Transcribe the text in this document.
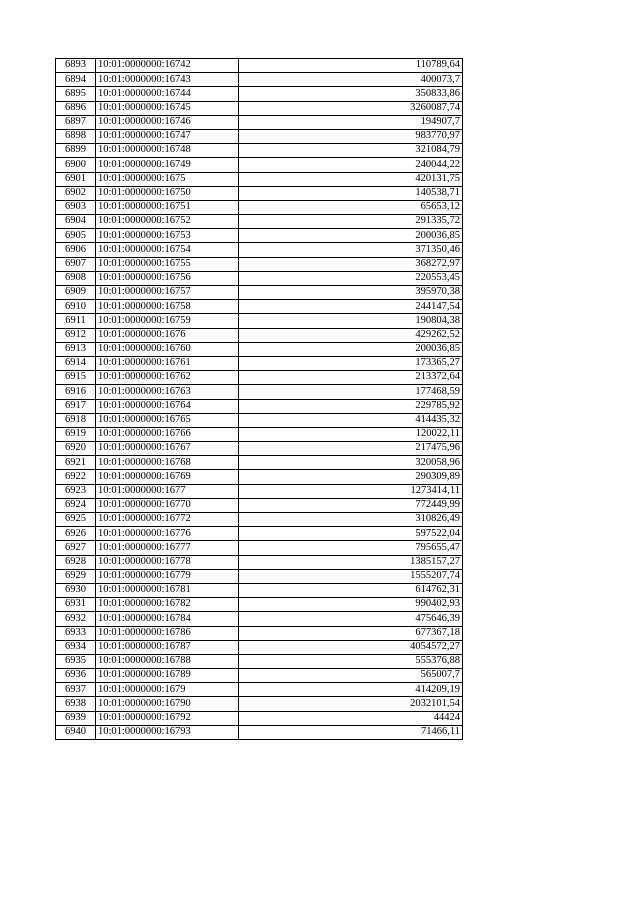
6893	10:01:0000000:16742	110789,64
6894	10:01:0000000:16743	400073,7
6895	10:01:0000000:16744	350833,86
6896	10:01:0000000:16745	3260087,74
6897	10:01:0000000:16746	194907,7
6898	10:01:0000000:16747	983770,97
6899	10:01:0000000:16748	321084,79
6900	10:01:0000000:16749	240044,22
6901	10:01:0000000:1675	420131,75
6902	10:01:0000000:16750	140538,71
6903	10:01:0000000:16751	65653,12
6904	10:01:0000000:16752	291335,72
6905	10:01:0000000:16753	200036,85
6906	10:01:0000000:16754	371350,46
6907	10:01:0000000:16755	368272,97
6908	10:01:0000000:16756	220553,45
6909	10:01:0000000:16757	395970,38
6910	10:01:0000000:16758	244147,54
6911	10:01:0000000:16759	190804,38
6912	10:01:0000000:1676	429262,52
6913	10:01:0000000:16760	200036,85
6914	10:01:0000000:16761	173365,27
6915	10:01:0000000:16762	213372,64
6916	10:01:0000000:16763	177468,59
6917	10:01:0000000:16764	229785,92
6918	10:01:0000000:16765	414435,32
6919	10:01:0000000:16766	120022,11
6920	10:01:0000000:16767	217475,96
6921	10:01:0000000:16768	320058,96
6922	10:01:0000000:16769	290309,89
6923	10:01:0000000:1677	1273414,11
6924	10:01:0000000:16770	772449,99
6925	10:01:0000000:16772	310826,49
6926	10:01:0000000:16776	597522,04
6927	10:01:0000000:16777	795655,47
6928	10:01:0000000:16778	1385157,27
6929	10:01:0000000:16779	1555207,74
6930	10:01:0000000:16781	614762,31
6931	10:01:0000000:16782	990402,93
6932	10:01:0000000:16784	475646,39
6933	10:01:0000000:16786	677367,18
6934	10:01:0000000:16787	4054572,27
6935	10:01:0000000:16788	555376,88
6936	10:01:0000000:16789	565007,7
6937	10:01:0000000:1679	414209,19
6938	10:01:0000000:16790	2032101,54
6939	10:01:0000000:16792	44424
6940	10:01:0000000:16793	71466,11
